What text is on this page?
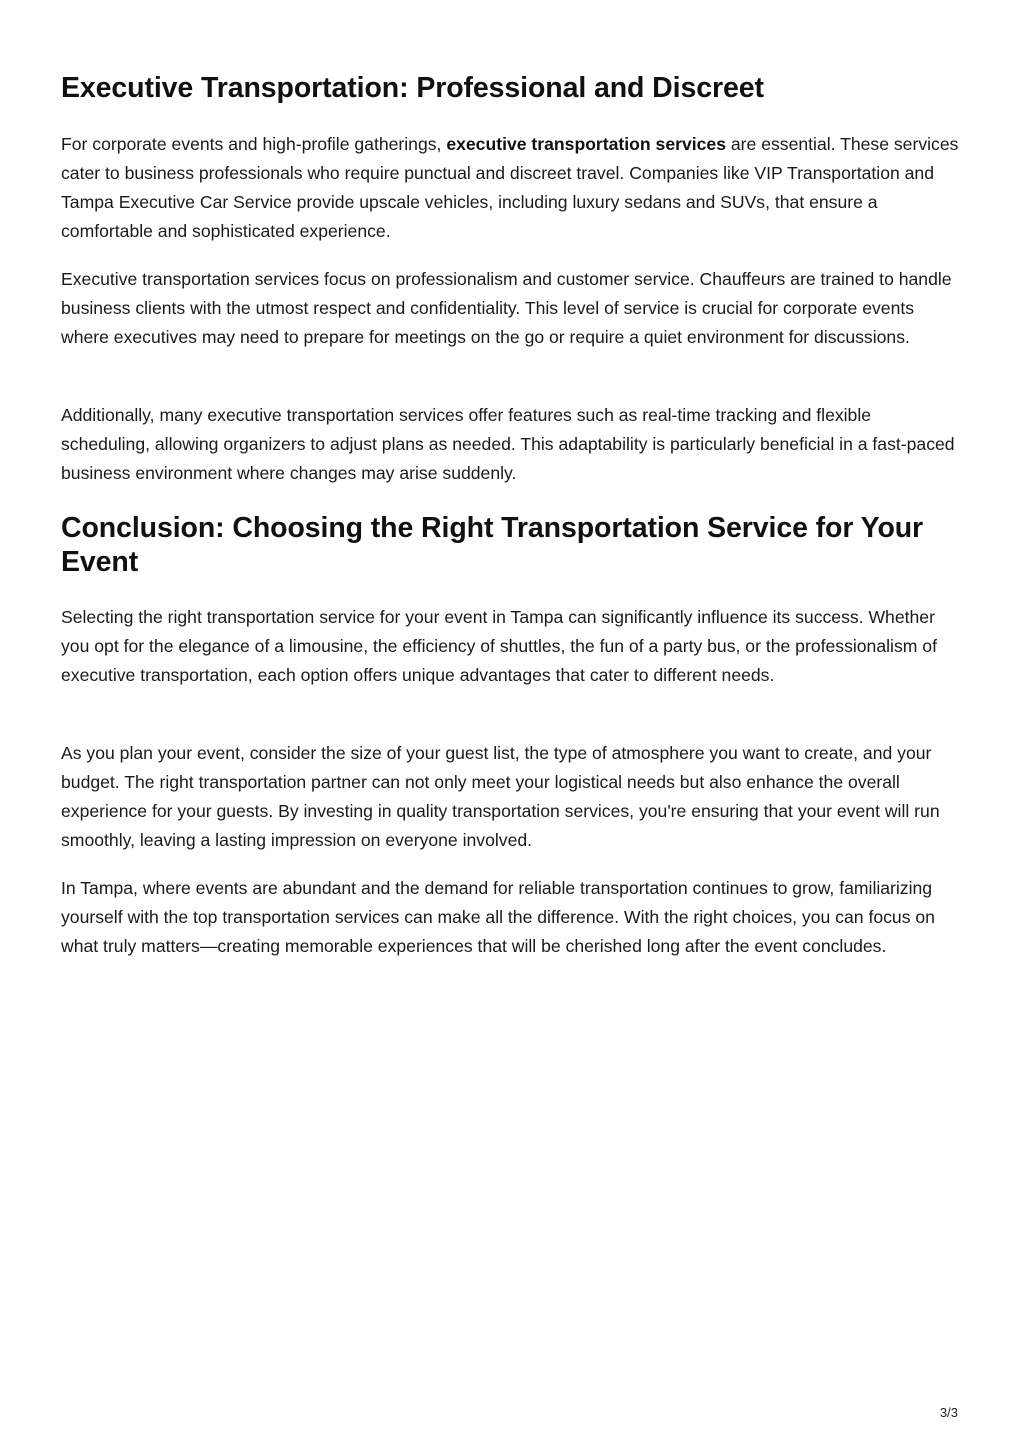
Executive Transportation: Professional and Discreet

For corporate events and high-profile gatherings, executive transportation services are essential. These services cater to business professionals who require punctual and discreet travel. Companies like VIP Transportation and Tampa Executive Car Service provide upscale vehicles, including luxury sedans and SUVs, that ensure a comfortable and sophisticated experience.

Executive transportation services focus on professionalism and customer service. Chauffeurs are trained to handle business clients with the utmost respect and confidentiality. This level of service is crucial for corporate events where executives may need to prepare for meetings on the go or require a quiet environment for discussions.

Additionally, many executive transportation services offer features such as real-time tracking and flexible scheduling, allowing organizers to adjust plans as needed. This adaptability is particularly beneficial in a fast-paced business environment where changes may arise suddenly.

Conclusion: Choosing the Right Transportation Service for Your Event

Selecting the right transportation service for your event in Tampa can significantly influence its success. Whether you opt for the elegance of a limousine, the efficiency of shuttles, the fun of a party bus, or the professionalism of executive transportation, each option offers unique advantages that cater to different needs.

As you plan your event, consider the size of your guest list, the type of atmosphere you want to create, and your budget. The right transportation partner can not only meet your logistical needs but also enhance the overall experience for your guests. By investing in quality transportation services, you're ensuring that your event will run smoothly, leaving a lasting impression on everyone involved.

In Tampa, where events are abundant and the demand for reliable transportation continues to grow, familiarizing yourself with the top transportation services can make all the difference. With the right choices, you can focus on what truly matters—creating memorable experiences that will be cherished long after the event concludes.

3/3
